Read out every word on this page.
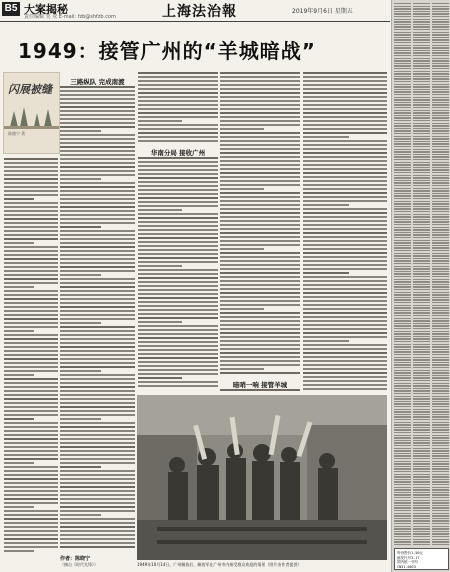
B5 大案揭秘
责任编辑 吴 双 E-mail: fzb@shfzb.com	上海法治報	2019年9月6日 星期五
1949：接管广州的“羊城暗战”
闪展被缝
陈晓宁 著
三路纵队 完成南渡
华南分局 接收广州
暗哨一响 接管羊城
1949年10月14日，广州解放后，解放军在广州市内接受群众欢迎的情景（图片由作者提供）
作者：陈晓宁
（摘自《时代先锋》）
每份售价1.50元
邮发代号3-17
国内统一刊号
CN31-0015
